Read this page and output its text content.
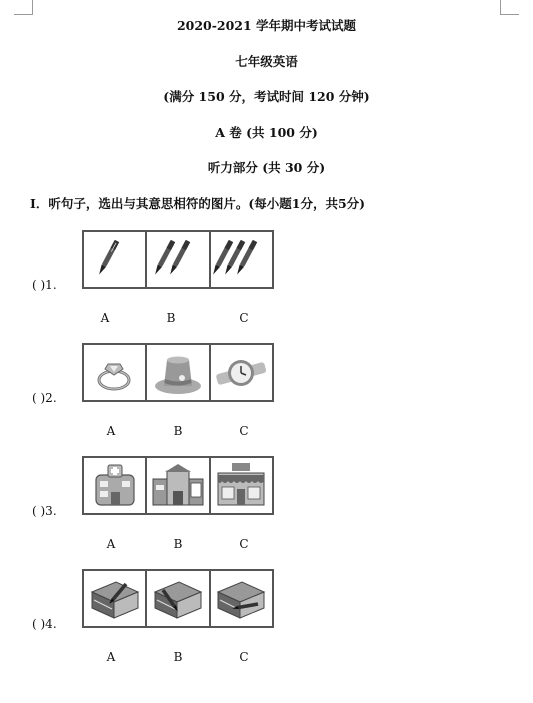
2020-2021 学年期中考试试题
七年级英语
(满分 150 分，考试时间 120 分钟)
A 卷 (共 100 分)
听力部分 (共 30 分)
I．听句子，选出与其意思相符的图片。(每小题1分，共5分)
( )1.
A	B	C
( )2.
A	B	C
( )3.
A	B	C
( )4.
A	B	C
